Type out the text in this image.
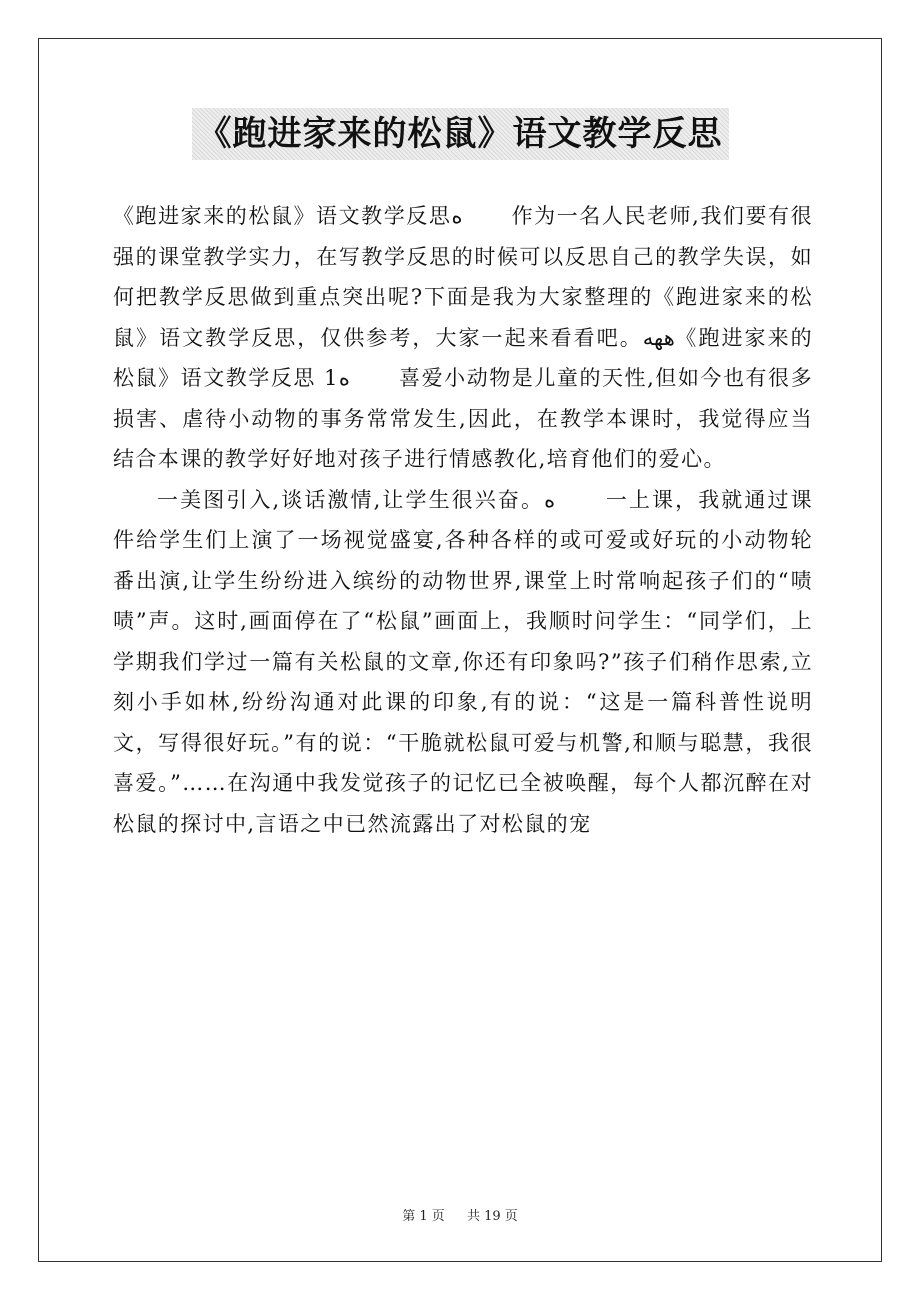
《跑进家来的松鼠》语文教学反思

《跑进家来的松鼠》语文教学反思ه 　　作为一名人民老师,我们要有很强的课堂教学实力，在写教学反思的时候可以反思自己的教学失误，如何把教学反思做到重点突出呢?下面是我为大家整理的《跑进家来的松鼠》语文教学反思，仅供参考，大家一起来看看吧。ههه《跑进家来的松鼠》语文教学反思 1ه 　　喜爱小动物是儿童的天性,但如今也有很多损害、虐待小动物的事务常常发生,因此，在教学本课时，我觉得应当结合本课的教学好好地对孩子进行情感教化,培育他们的爱心。

一美图引入,谈话激情,让学生很兴奋。ه 　　一上课，我就通过课件给学生们上演了一场视觉盛宴,各种各样的或可爱或好玩的小动物轮番出演,让学生纷纷进入缤纷的动物世界,课堂上时常响起孩子们的“啧啧”声。这时,画面停在了“松鼠”画面上，我顺时问学生：“同学们，上学期我们学过一篇有关松鼠的文章,你还有印象吗?”孩子们稍作思索,立刻小手如林,纷纷沟通对此课的印象,有的说：“这是一篇科普性说明文，写得很好玩。”有的说：“干脆就松鼠可爱与机警,和顺与聪慧，我很喜爱。”……在沟通中我发觉孩子的记忆已全被唤醒，每个人都沉醉在对松鼠的探讨中,言语之中已然流露出了对松鼠的宠

第 1 页 共 19 页
